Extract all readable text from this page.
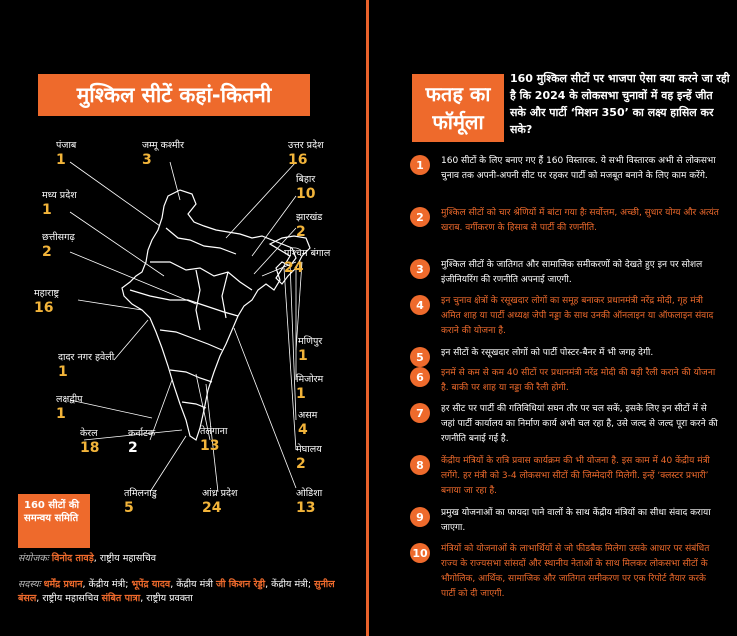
मुश्किल सीटें कहां-कितनी
पंजाब
1
जम्मू कश्मीर
3
उत्तर प्रदेश
16
बिहार
10
मध्य प्रदेश
1	झारखंड
2
छत्तीसगढ़
2	पश्चिम बंगाल
24
महाराष्ट्र
16
मणिपुर
1
दादर नगर हवेली
1	मिजोरम
1
लक्षद्वीप
1	असम
4
केरल
18
कर्नाटक
2
तेलंगाना
13	मेघालय
2
तमिलनाडु
5
आंध्र प्रदेश
24
ओडिशा
13
160 सीटों की समन्वय समिति
संयोजकः विनोद तावड़े, राष्ट्रीय महासचिव
सदस्यः धर्मेंद्र प्रधान, केंद्रीय मंत्री; भूपेंद्र यादव, केंद्रीय मंत्री जी किशन रेड्डी, केंद्रीय मंत्री; सुनील बंसल, राष्ट्रीय महासचिव संबित पात्रा, राष्ट्रीय प्रवक्ता
फतह का फॉर्मूला
160 मुश्किल सीटों पर भाजपा ऐसा क्या करने जा रही है कि 2024 के लोकसभा चुनावों में वह इन्हें जीत सके और पार्टी ‘मिशन 350’ का लक्ष्य हासिल कर सके?
1	160 सीटों के लिए बनाए गए हैं 160 विस्तारक. ये सभी विस्तारक अभी से लोकसभा चुनाव तक अपनी-अपनी सीट पर रहकर पार्टी को मजबूत बनाने के लिए काम करेंगे.
2	मुश्किल सीटों को चार श्रेणियों में बांटा गया हैः सर्वोत्तम, अच्छी, सुधार योग्य और अत्यंत खराब. वर्गीकरण के हिसाब से पार्टी की रणनीति.
3	मुश्किल सीटों के जातिगत और सामाजिक समीकरणों को देखते हुए इन पर सोशल इंजीनियरिंग की रणनीति अपनाई जाएगी.
4	इन चुनाव क्षेत्रों के रसूखदार लोगों का समूह बनाकर प्रधानमंत्री नरेंद्र मोदी, गृह मंत्री अमित शाह या पार्टी अध्यक्ष जेपी नड्डा के साथ उनकी ऑनलाइन या ऑफलाइन संवाद कराने की योजना है.
5	इन सीटों के रसूखदार लोगों को पार्टी पोस्टर-बैनर में भी जगह देगी.
6	इनमें से कम से कम 40 सीटों पर प्रधानमंत्री नरेंद्र मोदी की बड़ी रैली कराने की योजना है. बाकी पर शाह या नड्डा की रैली होगी.
7	हर सीट पर पार्टी की गतिविधियां सघन तौर पर चल सकें, इसके लिए इन सीटों में से जहां पार्टी कार्यालय का निर्माण कार्य अभी चल रहा है, उसे जल्द से जल्द पूरा करने की रणनीति बनाई गई है.
8	केंद्रीय मंत्रियों के रात्रि प्रवास कार्यक्रम की भी योजना है. इस काम में 40 केंद्रीय मंत्री लगेंगे. हर मंत्री को 3-4 लोकसभा सीटों की जिम्मेदारी मिलेगी. इन्हें ‘क्लस्टर प्रभारी’ बनाया जा रहा है.
9	प्रमुख योजनाओं का फायदा पाने वालों के साथ केंद्रीय मंत्रियों का सीधा संवाद कराया जाएगा.
10 मंत्रियों को योजनाओं के लाभार्थियों से जो फीडबैक मिलेगा उसके आधार पर संबंधित राज्य के राज्यसभा सांसदों और स्थानीय नेताओं के साथ मिलकर लोकसभा सीटों के भौगोलिक, आर्थिक, सामाजिक और जातिगत समीकरण पर एक रिपोर्ट तैयार करके पार्टी को दी जाएगी.
